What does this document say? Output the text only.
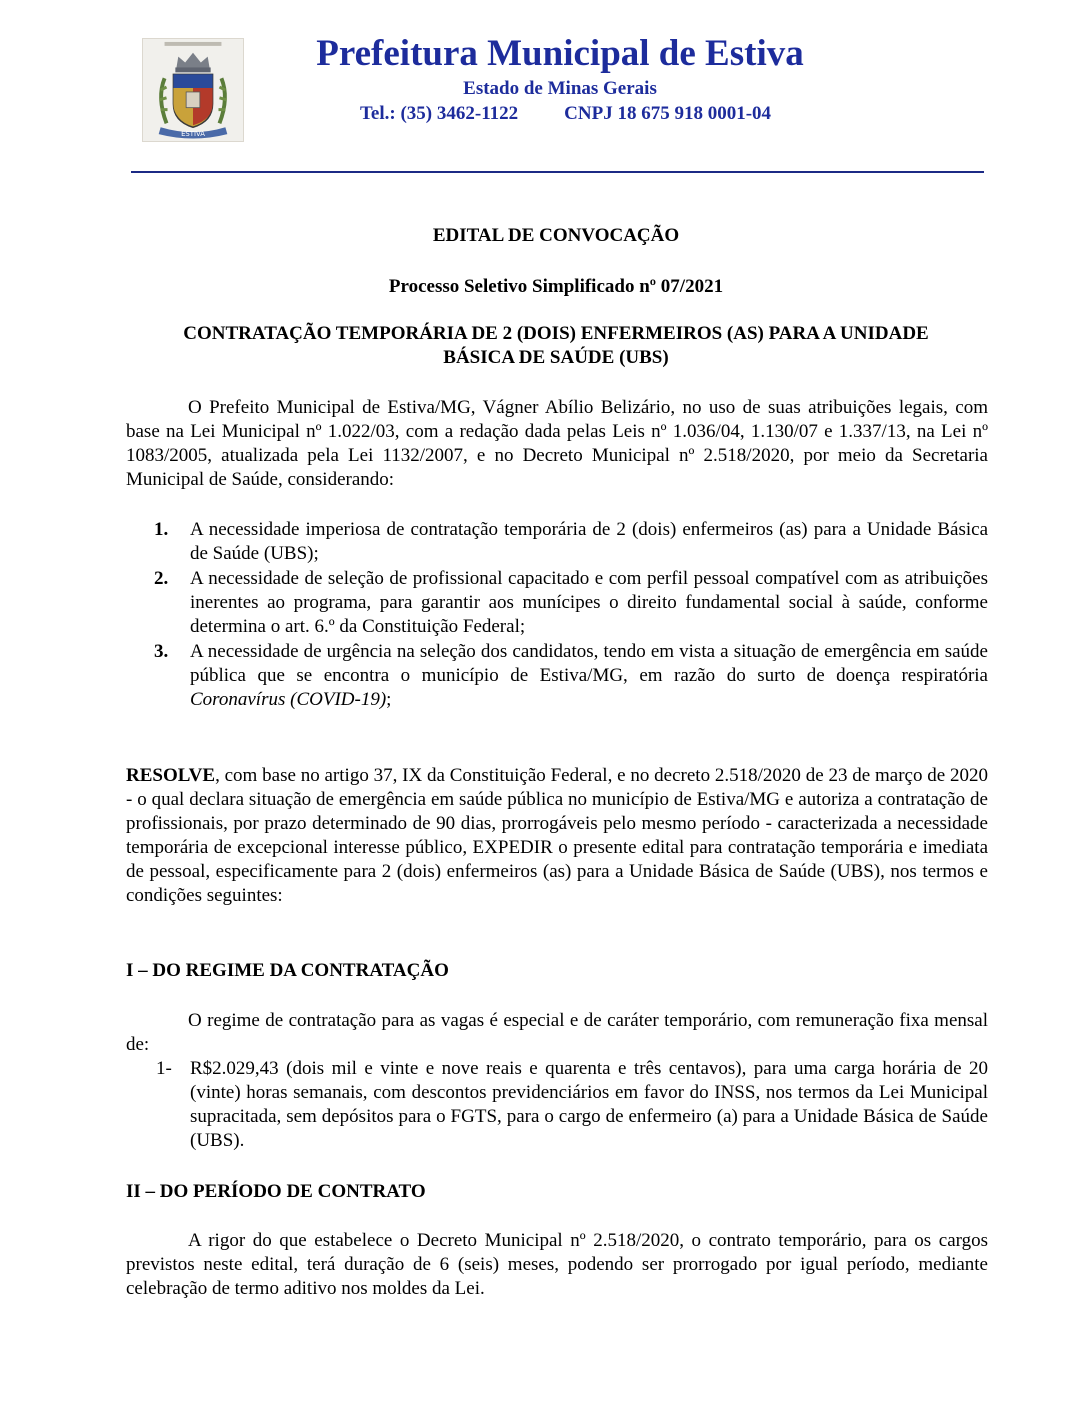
ESTIVA
Prefeitura Municipal de Estiva
Estado de Minas Gerais
Tel.: (35) 3462-1122 CNPJ 18 675 918 0001-04
EDITAL DE CONVOCAÇÃO
Processo Seletivo Simplificado nº 07/2021
CONTRATAÇÃO TEMPORÁRIA DE 2 (DOIS) ENFERMEIROS (AS) PARA A UNIDADE BÁSICA DE SAÚDE (UBS)
O Prefeito Municipal de Estiva/MG, Vágner Abílio Belizário, no uso de suas atribuições legais, com base na Lei Municipal nº 1.022/03, com a redação dada pelas Leis nº 1.036/04, 1.130/07 e 1.337/13, na Lei nº 1083/2005, atualizada pela Lei 1132/2007, e no Decreto Municipal nº 2.518/2020, por meio da Secretaria Municipal de Saúde, considerando:
1. A necessidade imperiosa de contratação temporária de 2 (dois) enfermeiros (as) para a Unidade Básica de Saúde (UBS);
2. A necessidade de seleção de profissional capacitado e com perfil pessoal compatível com as atribuições inerentes ao programa, para garantir aos munícipes o direito fundamental social à saúde, conforme determina o art. 6.º da Constituição Federal;
3. A necessidade de urgência na seleção dos candidatos, tendo em vista a situação de emergência em saúde pública que se encontra o município de Estiva/MG, em razão do surto de doença respiratória Coronavírus (COVID-19);
RESOLVE, com base no artigo 37, IX da Constituição Federal, e no decreto 2.518/2020 de 23 de março de 2020 - o qual declara situação de emergência em saúde pública no município de Estiva/MG e autoriza a contratação de profissionais, por prazo determinado de 90 dias, prorrogáveis pelo mesmo período - caracterizada a necessidade temporária de excepcional interesse público, EXPEDIR o presente edital para contratação temporária e imediata de pessoal, especificamente para 2 (dois) enfermeiros (as) para a Unidade Básica de Saúde (UBS), nos termos e condições seguintes:
I – DO REGIME DA CONTRATAÇÃO
O regime de contratação para as vagas é especial e de caráter temporário, com remuneração fixa mensal de:
1- R$2.029,43 (dois mil e vinte e nove reais e quarenta e três centavos), para uma carga horária de 20 (vinte) horas semanais, com descontos previdenciários em favor do INSS, nos termos da Lei Municipal supracitada, sem depósitos para o FGTS, para o cargo de enfermeiro (a) para a Unidade Básica de Saúde (UBS).
II – DO PERÍODO DE CONTRATO
A rigor do que estabelece o Decreto Municipal nº 2.518/2020, o contrato temporário, para os cargos previstos neste edital, terá duração de 6 (seis) meses, podendo ser prorrogado por igual período, mediante celebração de termo aditivo nos moldes da Lei.
